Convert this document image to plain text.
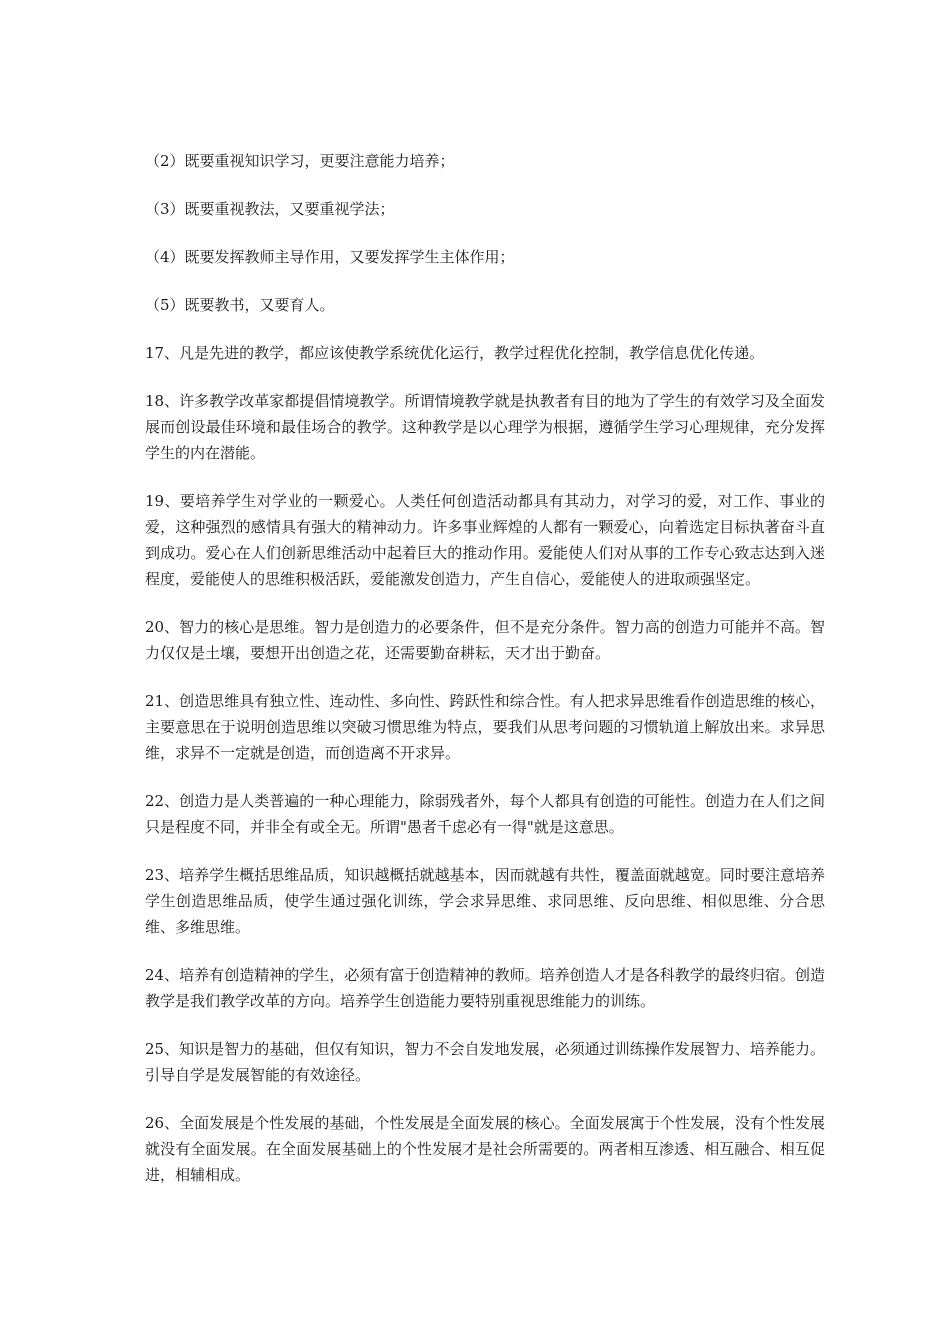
（2）既要重视知识学习，更要注意能力培养；

（3）既要重视教法，又要重视学法；

（4）既要发挥教师主导作用，又要发挥学生主体作用；

（5）既要教书，又要育人。

17、凡是先进的教学，都应该使教学系统优化运行，教学过程优化控制，教学信息优化传递。

18、许多教学改革家都提倡情境教学。所谓情境教学就是执教者有目的地为了学生的有效学习及全面发展而创设最佳环境和最佳场合的教学。这种教学是以心理学为根据，遵循学生学习心理规律，充分发挥学生的内在潜能。

19、要培养学生对学业的一颗爱心。人类任何创造活动都具有其动力，对学习的爱，对工作、事业的爱，这种强烈的感情具有强大的精神动力。许多事业辉煌的人都有一颗爱心，向着选定目标执著奋斗直到成功。爱心在人们创新思维活动中起着巨大的推动作用。爱能使人们对从事的工作专心致志达到入迷程度，爱能使人的思维积极活跃，爱能激发创造力，产生自信心，爱能使人的进取顽强坚定。

20、智力的核心是思维。智力是创造力的必要条件，但不是充分条件。智力高的创造力可能并不高。智力仅仅是土壤，要想开出创造之花，还需要勤奋耕耘，天才出于勤奋。

21、创造思维具有独立性、连动性、多向性、跨跃性和综合性。有人把求异思维看作创造思维的核心，主要意思在于说明创造思维以突破习惯思维为特点，要我们从思考问题的习惯轨道上解放出来。求异思维，求异不一定就是创造，而创造离不开求异。

22、创造力是人类普遍的一种心理能力，除弱残者外，每个人都具有创造的可能性。创造力在人们之间只是程度不同，并非全有或全无。所谓"愚者千虑必有一得"就是这意思。

23、培养学生概括思维品质，知识越概括就越基本，因而就越有共性，覆盖面就越宽。同时要注意培养学生创造思维品质，使学生通过强化训练，学会求异思维、求同思维、反向思维、相似思维、分合思维、多维思维。

24、培养有创造精神的学生，必须有富于创造精神的教师。培养创造人才是各科教学的最终归宿。创造教学是我们教学改革的方向。培养学生创造能力要特别重视思维能力的训练。

25、知识是智力的基础，但仅有知识，智力不会自发地发展，必须通过训练操作发展智力、培养能力。引导自学是发展智能的有效途径。

26、全面发展是个性发展的基础，个性发展是全面发展的核心。全面发展寓于个性发展，没有个性发展就没有全面发展。在全面发展基础上的个性发展才是社会所需要的。两者相互渗透、相互融合、相互促进，相辅相成。
